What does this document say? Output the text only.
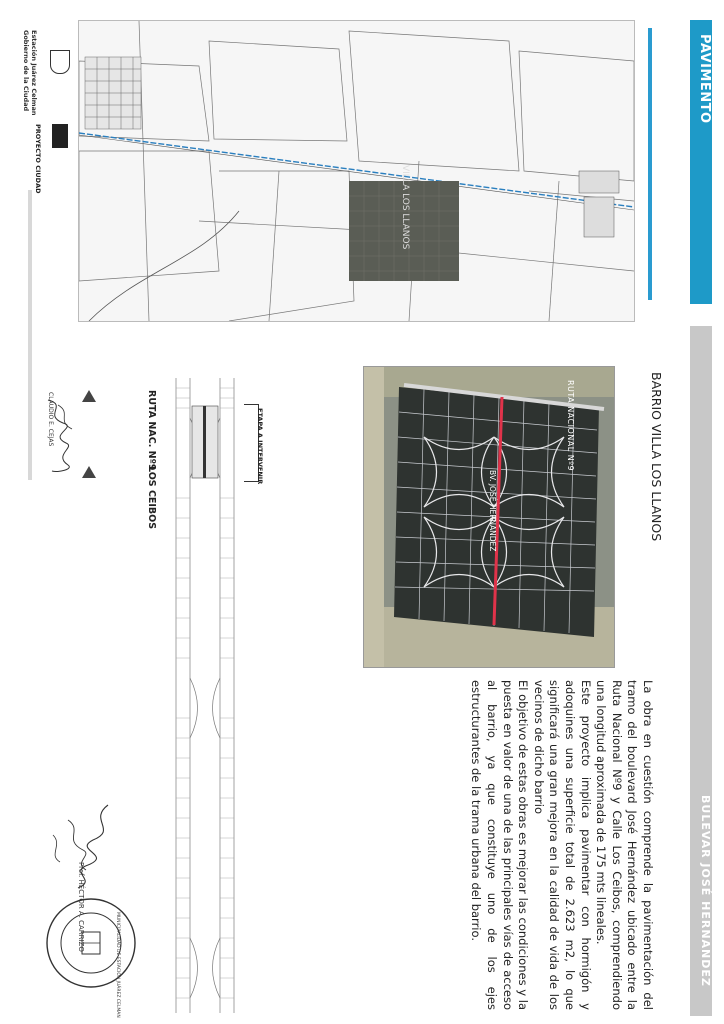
PAVIMENTO
BULEVAR JOSÉ HERNANDEZ
Estación Juárez Celman
Gobierno de la Ciudad
PROYECTO CIUDAD
VILLA LOS LLANOS
BARRIO VILLA LOS LLANOS
RUTA NACIONAL Nº9
BV. JOSÉ HERNANDEZ

La obra en cuestión comprende la pavimentación del tramo del boulevard José Hernández ubicado entre la Ruta Nacional Nº9 y Calle Los Ceibos, comprendiendo una longitud aproximada de 175 mts lineales.

Este proyecto implica pavimentar con hormigón y adoquines una superficie total de 2.623 m2, lo que significará una gran mejora en la calidad de vida de los vecinos de dicho barrio

El objetivo de estas obras es mejorar las condiciones y la puesta en valor de una de las principales vías de acceso al barrio, ya que constituye uno de los ejes estructurantes de la trama urbana del barrio.

RUTA NAC. Nº9
LOS CEIBOS
ETAPA A INTERVENIR
CLAUDIO E. CEJAS
Prof. HÉCTOR A. CARRIZO
MUNICIPALIDAD DE ESTACIÓN JUÁREZ CELMAN
